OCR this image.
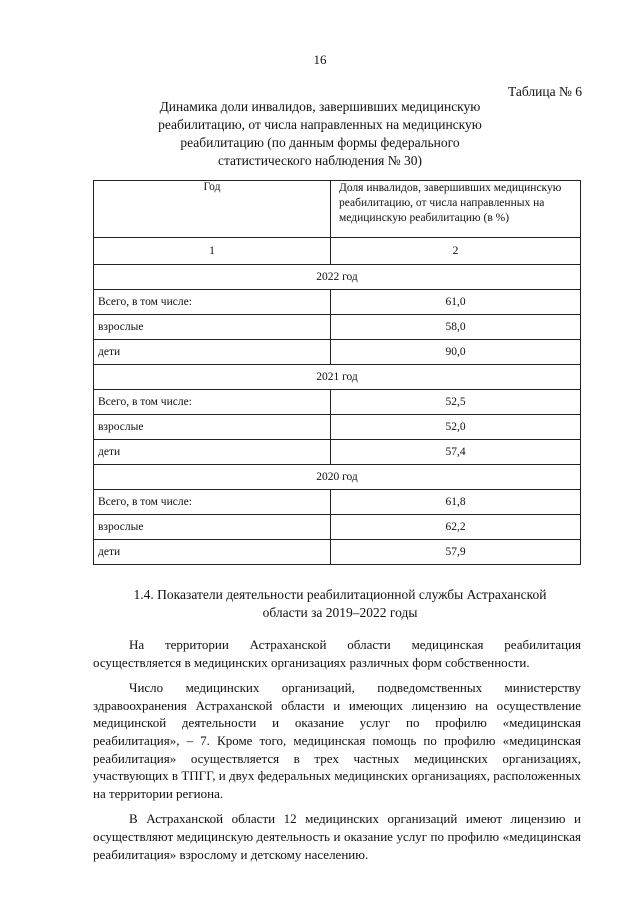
16
Таблица № 6
Динамика доли инвалидов, завершивших медицинскую реабилитацию, от числа направленных на медицинскую реабилитацию (по данным формы федерального статистического наблюдения № 30)
Год	Доля инвалидов, завершивших медицинскую реабилитацию, от числа направленных на медицинскую реабилитацию (в %)
1	2
2022 год	
Всего, в том числе:	61,0
взрослые	58,0
дети	90,0
2021 год	
Всего, в том числе:	52,5
взрослые	52,0
дети	57,4
2020 год	
Всего, в том числе:	61,8
взрослые	62,2
дети	57,9
1.4. Показатели деятельности реабилитационной службы Астраханской области за 2019–2022 годы

На территории Астраханской области медицинская реабилитация осуществляется в медицинских организациях различных форм собственности.

Число медицинских организаций, подведомственных министерству здравоохранения Астраханской области и имеющих лицензию на осуществление медицинской деятельности и оказание услуг по профилю «медицинская реабилитация», – 7. Кроме того, медицинская помощь по профилю «медицинская реабилитация» осуществляется в трех частных медицинских организациях, участвующих в ТПГГ, и двух федеральных медицинских организациях, расположенных на территории региона.

В Астраханской области 12 медицинских организаций имеют лицензию и осуществляют медицинскую деятельность и оказание услуг по профилю «медицинская реабилитация» взрослому и детскому населению.
